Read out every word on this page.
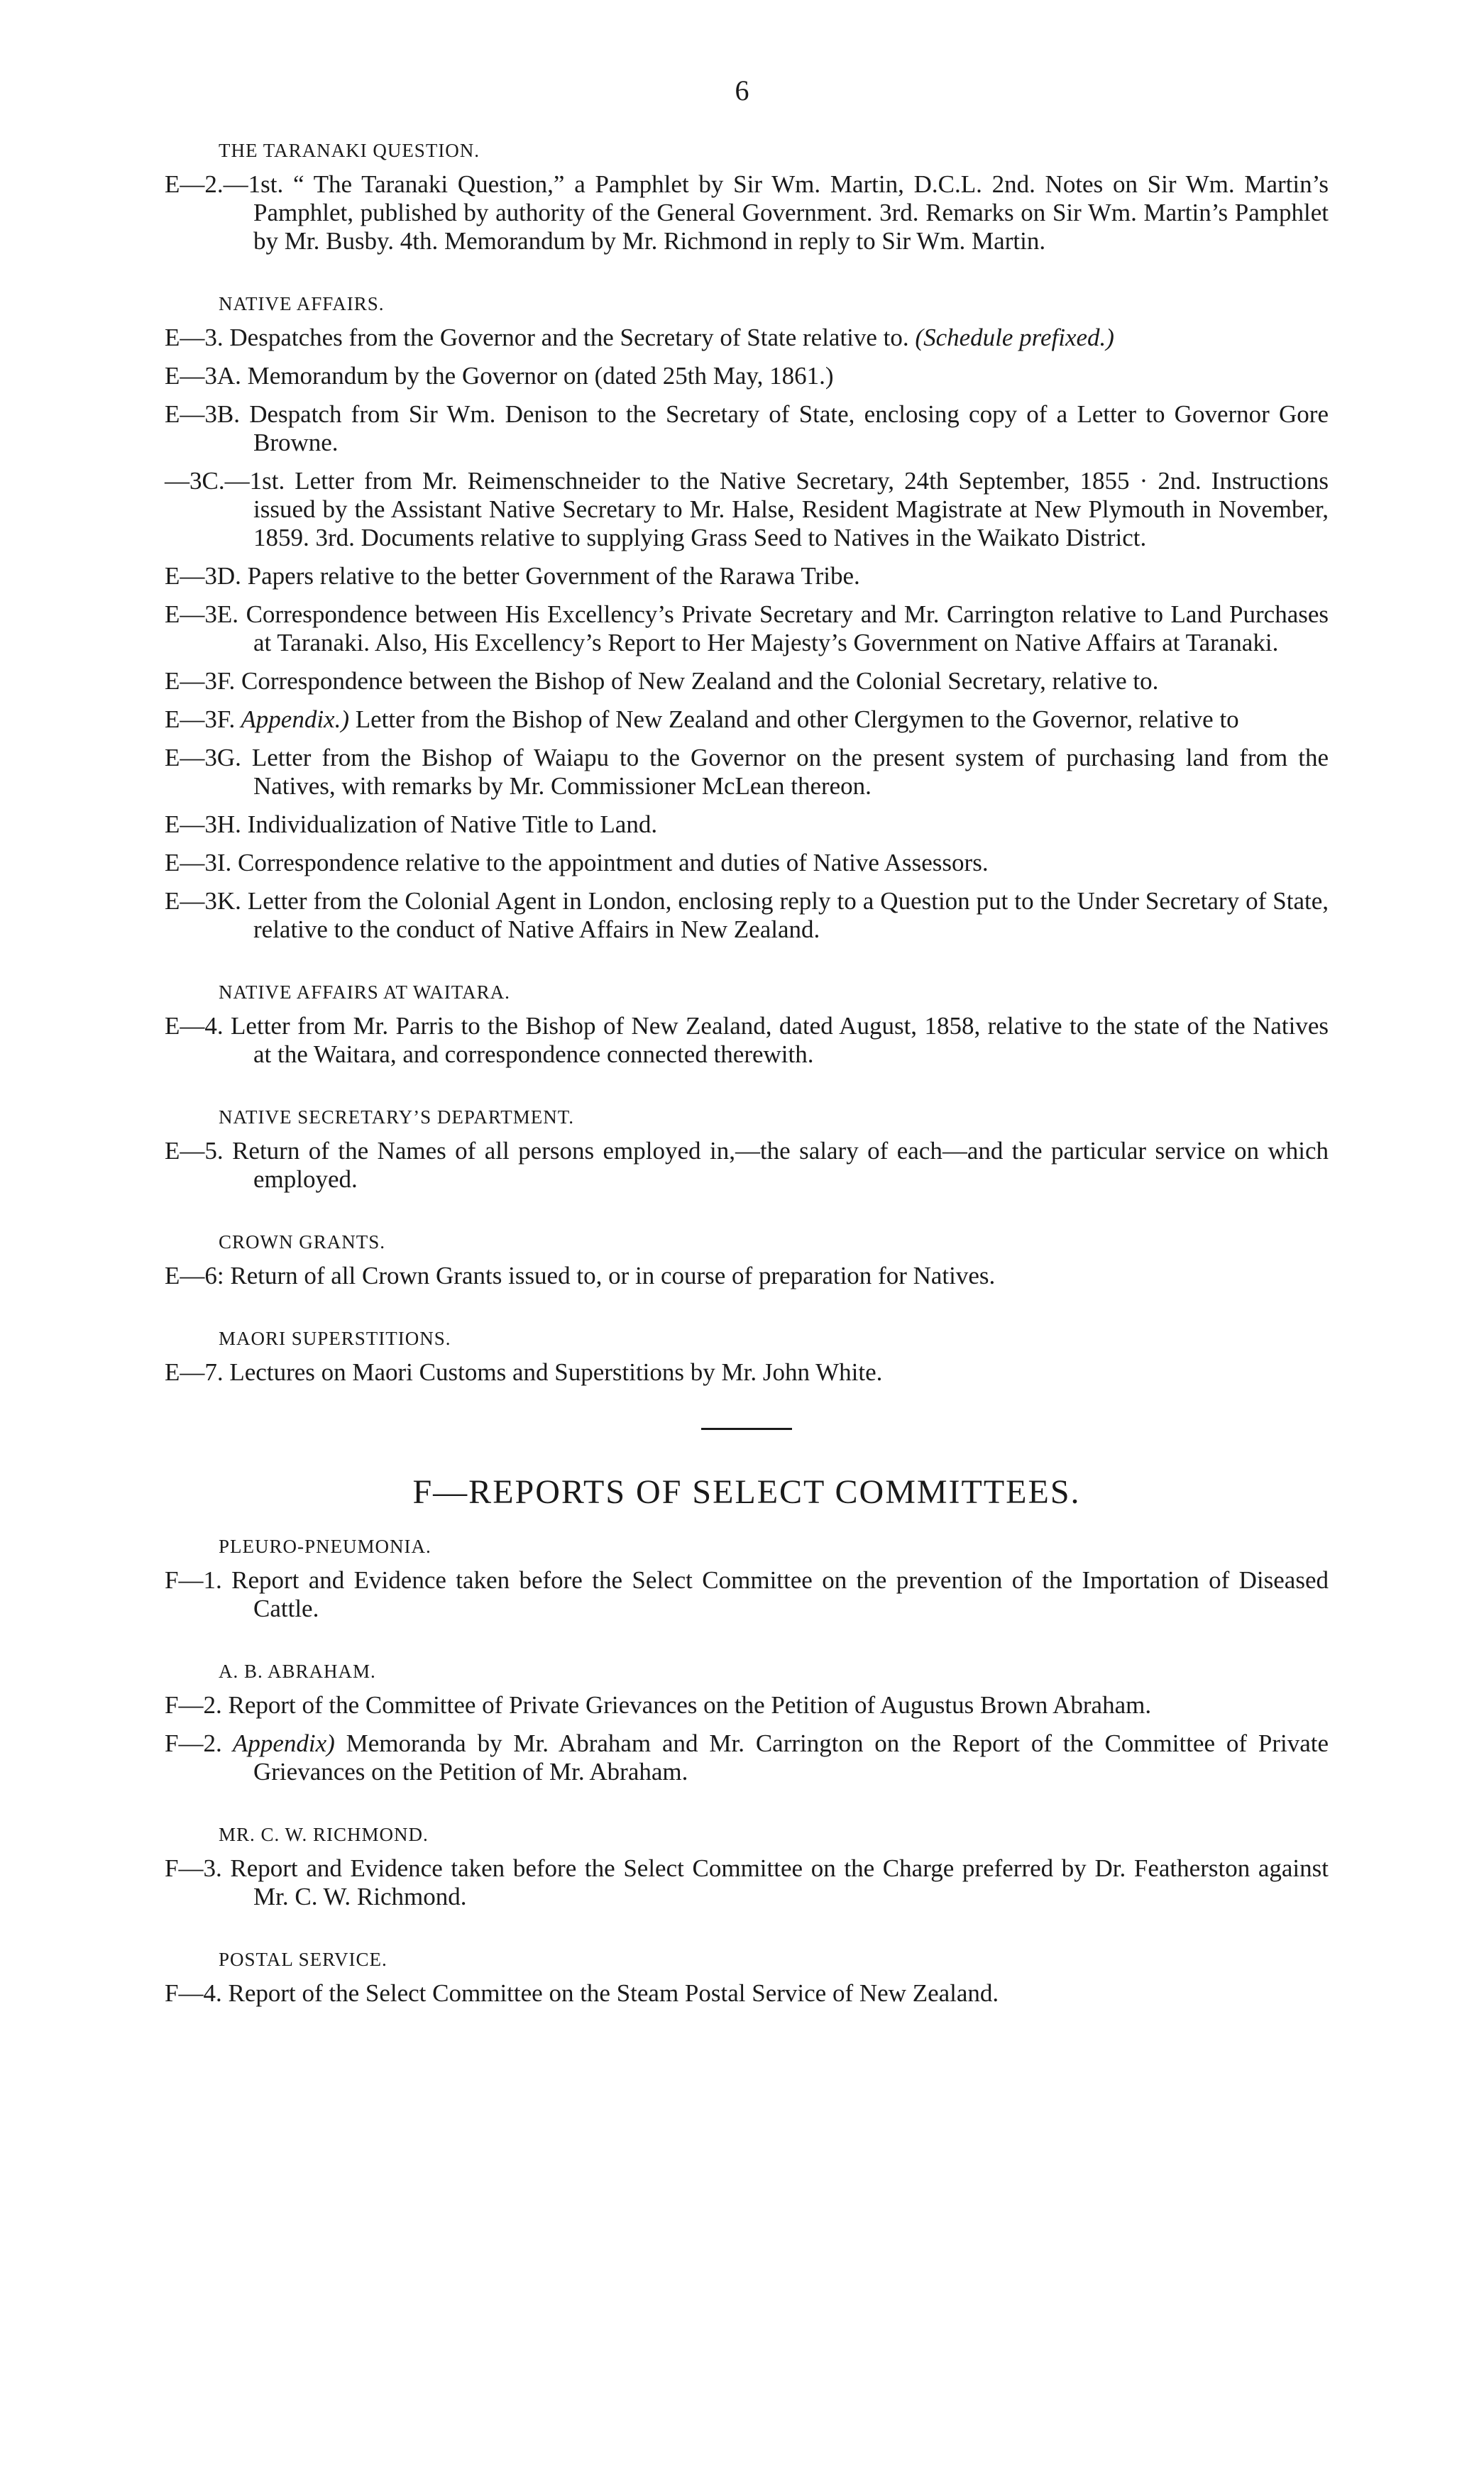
6
THE TARANAKI QUESTION.
E—2.—1st. “ The Taranaki Question,” a Pamphlet by Sir Wm. Martin, D.C.L. 2nd. Notes on Sir Wm. Martin’s Pamphlet, published by authority of the General Government. 3rd. Remarks on Sir Wm. Martin’s Pamphlet by Mr. Busby. 4th. Memorandum by Mr. Richmond in reply to Sir Wm. Martin.
NATIVE AFFAIRS.
E—3. Despatches from the Governor and the Secretary of State relative to. (Schedule prefixed.)
E—3A. Memorandum by the Governor on (dated 25th May, 1861.)
E—3B. Despatch from Sir Wm. Denison to the Secretary of State, enclosing copy of a Letter to Governor Gore Browne.
—3C.—1st. Letter from Mr. Reimenschneider to the Native Secretary, 24th September, 1855 · 2nd. Instructions issued by the Assistant Native Secretary to Mr. Halse, Resident Magistrate at New Plymouth in November, 1859. 3rd. Documents relative to supplying Grass Seed to Natives in the Waikato District.
E—3D. Papers relative to the better Government of the Rarawa Tribe.
E—3E. Correspondence between His Excellency’s Private Secretary and Mr. Carrington relative to Land Purchases at Taranaki. Also, His Excellency’s Report to Her Majesty’s Government on Native Affairs at Taranaki.
E—3F. Correspondence between the Bishop of New Zealand and the Colonial Secretary, relative to.
E—3F. Appendix.) Letter from the Bishop of New Zealand and other Clergymen to the Governor, relative to
E—3G. Letter from the Bishop of Waiapu to the Governor on the present system of purchasing land from the Natives, with remarks by Mr. Commissioner McLean thereon.
E—3H. Individualization of Native Title to Land.
E—3I. Correspondence relative to the appointment and duties of Native Assessors.
E—3K. Letter from the Colonial Agent in London, enclosing reply to a Question put to the Under Secretary of State, relative to the conduct of Native Affairs in New Zealand.
NATIVE AFFAIRS AT WAITARA.
E—4. Letter from Mr. Parris to the Bishop of New Zealand, dated August, 1858, relative to the state of the Natives at the Waitara, and correspondence connected therewith.
NATIVE SECRETARY’S DEPARTMENT.
E—5. Return of the Names of all persons employed in,—the salary of each—and the particular service on which employed.
CROWN GRANTS.
E—6: Return of all Crown Grants issued to, or in course of preparation for Natives.
MAORI SUPERSTITIONS.
E—7. Lectures on Maori Customs and Superstitions by Mr. John White.
F—REPORTS OF SELECT COMMITTEES.
PLEURO-PNEUMONIA.
F—1. Report and Evidence taken before the Select Committee on the prevention of the Importation of Diseased Cattle.
A. B. ABRAHAM.
F—2. Report of the Committee of Private Grievances on the Petition of Augustus Brown Abraham.
F—2. Appendix) Memoranda by Mr. Abraham and Mr. Carrington on the Report of the Committee of Private Grievances on the Petition of Mr. Abraham.
MR. C. W. RICHMOND.
F—3. Report and Evidence taken before the Select Committee on the Charge preferred by Dr. Featherston against Mr. C. W. Richmond.
POSTAL SERVICE.
F—4. Report of the Select Committee on the Steam Postal Service of New Zealand.
